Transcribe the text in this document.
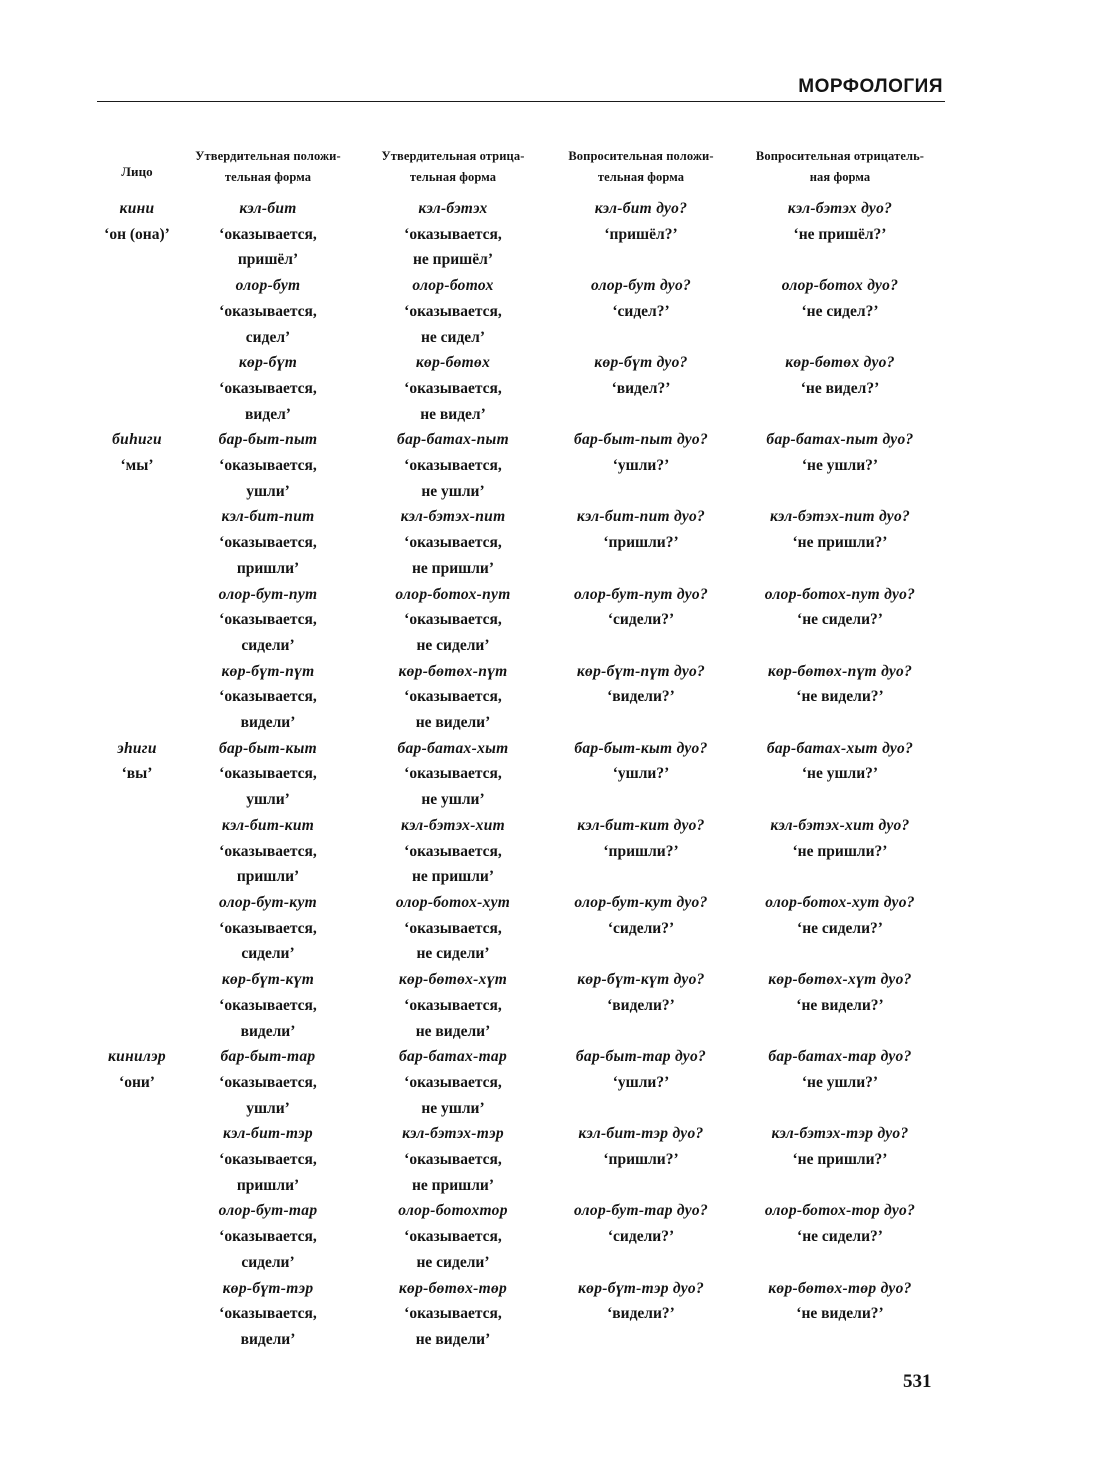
МОРФОЛОГИЯ
Лицо
Утвердительная положи-
тельная форма
Утвердительная отрица-
тельная форма
Вопросительная положи-
тельная форма
Вопросительная отрицатель-
ная форма
кини
‘он (она)’

кэл-бит
‘оказывается,
пришёл’
кэл-бэтэх
‘оказывается,
не пришёл’
кэл-бит дуо?
‘пришёл?’
кэл-бэтэх дуо?
‘не пришёл?’
олор-бут
‘оказывается,
сидел’
олор-ботох
‘оказывается,
не сидел’
олор-бут дуо?
‘сидел?’
олор-ботох дуо?
‘не сидел?’
көр-бүт
‘оказывается,
видел’
көр-бөтөх
‘оказывается,
не видел’
көр-бүт дуо?
‘видел?’
көр-бөтөх дуо?
‘не видел?’
биһиги
‘мы’
бар-быт-пыт
‘оказывается,
ушли’
бар-батах-пыт
‘оказывается,
не ушли’
бар-быт-пыт дуо?
‘ушли?’
бар-батах-пыт дуо?
‘не ушли?’
кэл-бит-пит
‘оказывается,
пришли’
кэл-бэтэх-пит
‘оказывается,
не пришли’
кэл-бит-пит дуо?
‘пришли?’
кэл-бэтэх-пит дуо?
‘не пришли?’
олор-бут-пут
‘оказывается,
сидели’
олор-ботох-пут
‘оказывается,
не сидели’
олор-бут-пут дуо?
‘сидели?’
олор-ботох-пут дуо?
‘не сидели?’
көр-бүт-пүт
‘оказывается,
видели’
көр-бөтөх-пүт
‘оказывается,
не видели’
көр-бүт-пүт дуо?
‘видели?’
көр-бөтөх-пүт дуо?
‘не видели?’
эһиги
‘вы’
бар-быт-кыт
‘оказывается,
ушли’
бар-батах-хыт
‘оказывается,
не ушли’
бар-быт-кыт дуо?
‘ушли?’
бар-батах-хыт дуо?
‘не ушли?’
кэл-бит-кит
‘оказывается,
пришли’
кэл-бэтэх-хит
‘оказывается,
не пришли’
кэл-бит-кит дуо?
‘пришли?’
кэл-бэтэх-хит дуо?
‘не пришли?’
олор-бут-кут
‘оказывается,
сидели’
олор-ботох-хут
‘оказывается,
не сидели’
олор-бут-кут дуо?
‘сидели?’
олор-ботох-хут дуо?
‘не сидели?’
көр-бүт-күт
‘оказывается,
видели’
көр-бөтөх-хүт
‘оказывается,
не видели’
көр-бүт-күт дуо?
‘видели?’
көр-бөтөх-хүт дуо?
‘не видели?’
кинилэр
‘они’
бар-быт-тар
‘оказывается,
ушли’
бар-батах-тар
‘оказывается,
не ушли’
бар-быт-тар дуо?
‘ушли?’
бар-батах-тар дуо?
‘не ушли?’
кэл-бит-тэр
‘оказывается,
пришли’
кэл-бэтэх-тэр
‘оказывается,
не пришли’
кэл-бит-тэр дуо?
‘пришли?’
кэл-бэтэх-тэр дуо?
‘не пришли?’
олор-бут-тар
‘оказывается,
сидели’
олор-ботохтор
‘оказывается,
не сидели’
олор-бут-тар дуо?
‘сидели?’
олор-ботох-тор дуо?
‘не сидели?’
көр-бүт-тэр
‘оказывается,
видели’
көр-бөтөх-төр
‘оказывается,
не видели’
көр-бүт-тэр дуо?
‘видели?’
көр-бөтөх-төр дуо?
‘не видели?’
531
